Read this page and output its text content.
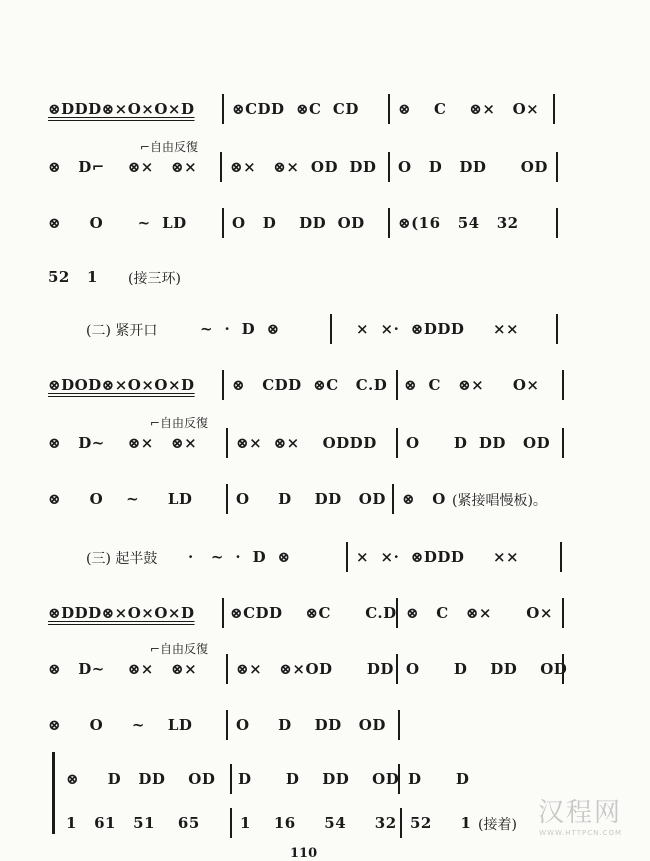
⊗DDD⊗×O×O×D ⊗CDD  ⊗C  CD	⊗    C    ⊗×   O×
⌐自由反復
⊗   D⌐    ⊗×   ⊗× ⊗×   ⊗×  OD  DD O   D   DD      OD
⊗     O      ~  LD	O   D    DD  OD ⊗(16   54   32
52   1 (接三环)
(二) 紧开口	~  ·  D  ⊗	×  ×·  ⊗DDD     ××
⊗DOD⊗×O×O×D ⊗   CDD  ⊗C   C.D ⊗  C   ⊗×     O×
⌐自由反復
⊗   D~    ⊗×   ⊗×	⊗×  ⊗×    ODDD O      D  DD   OD
⊗     O    ~     LD	O     D    DD   OD ⊗   O (紧接唱慢板)。
(三) 起半鼓 ·   ~  ·  D  ⊗	×  ×·  ⊗DDD     ××
⊗DDD⊗×O×O×D ⊗CDD    ⊗C      C.D ⊗   C   ⊗×      O×
⌐自由反復
⊗   D~    ⊗×   ⊗×	⊗×   ⊗×OD      DD O      D    DD    OD
⊗     O     ~    LD	O     D    DD   OD
⊗     D   DD    OD D      D    DD    OD D      D
1   61   51    65	1    16     54     32 52     1 (接着) 汉程网
WWW.HTTPCN.COM
110
